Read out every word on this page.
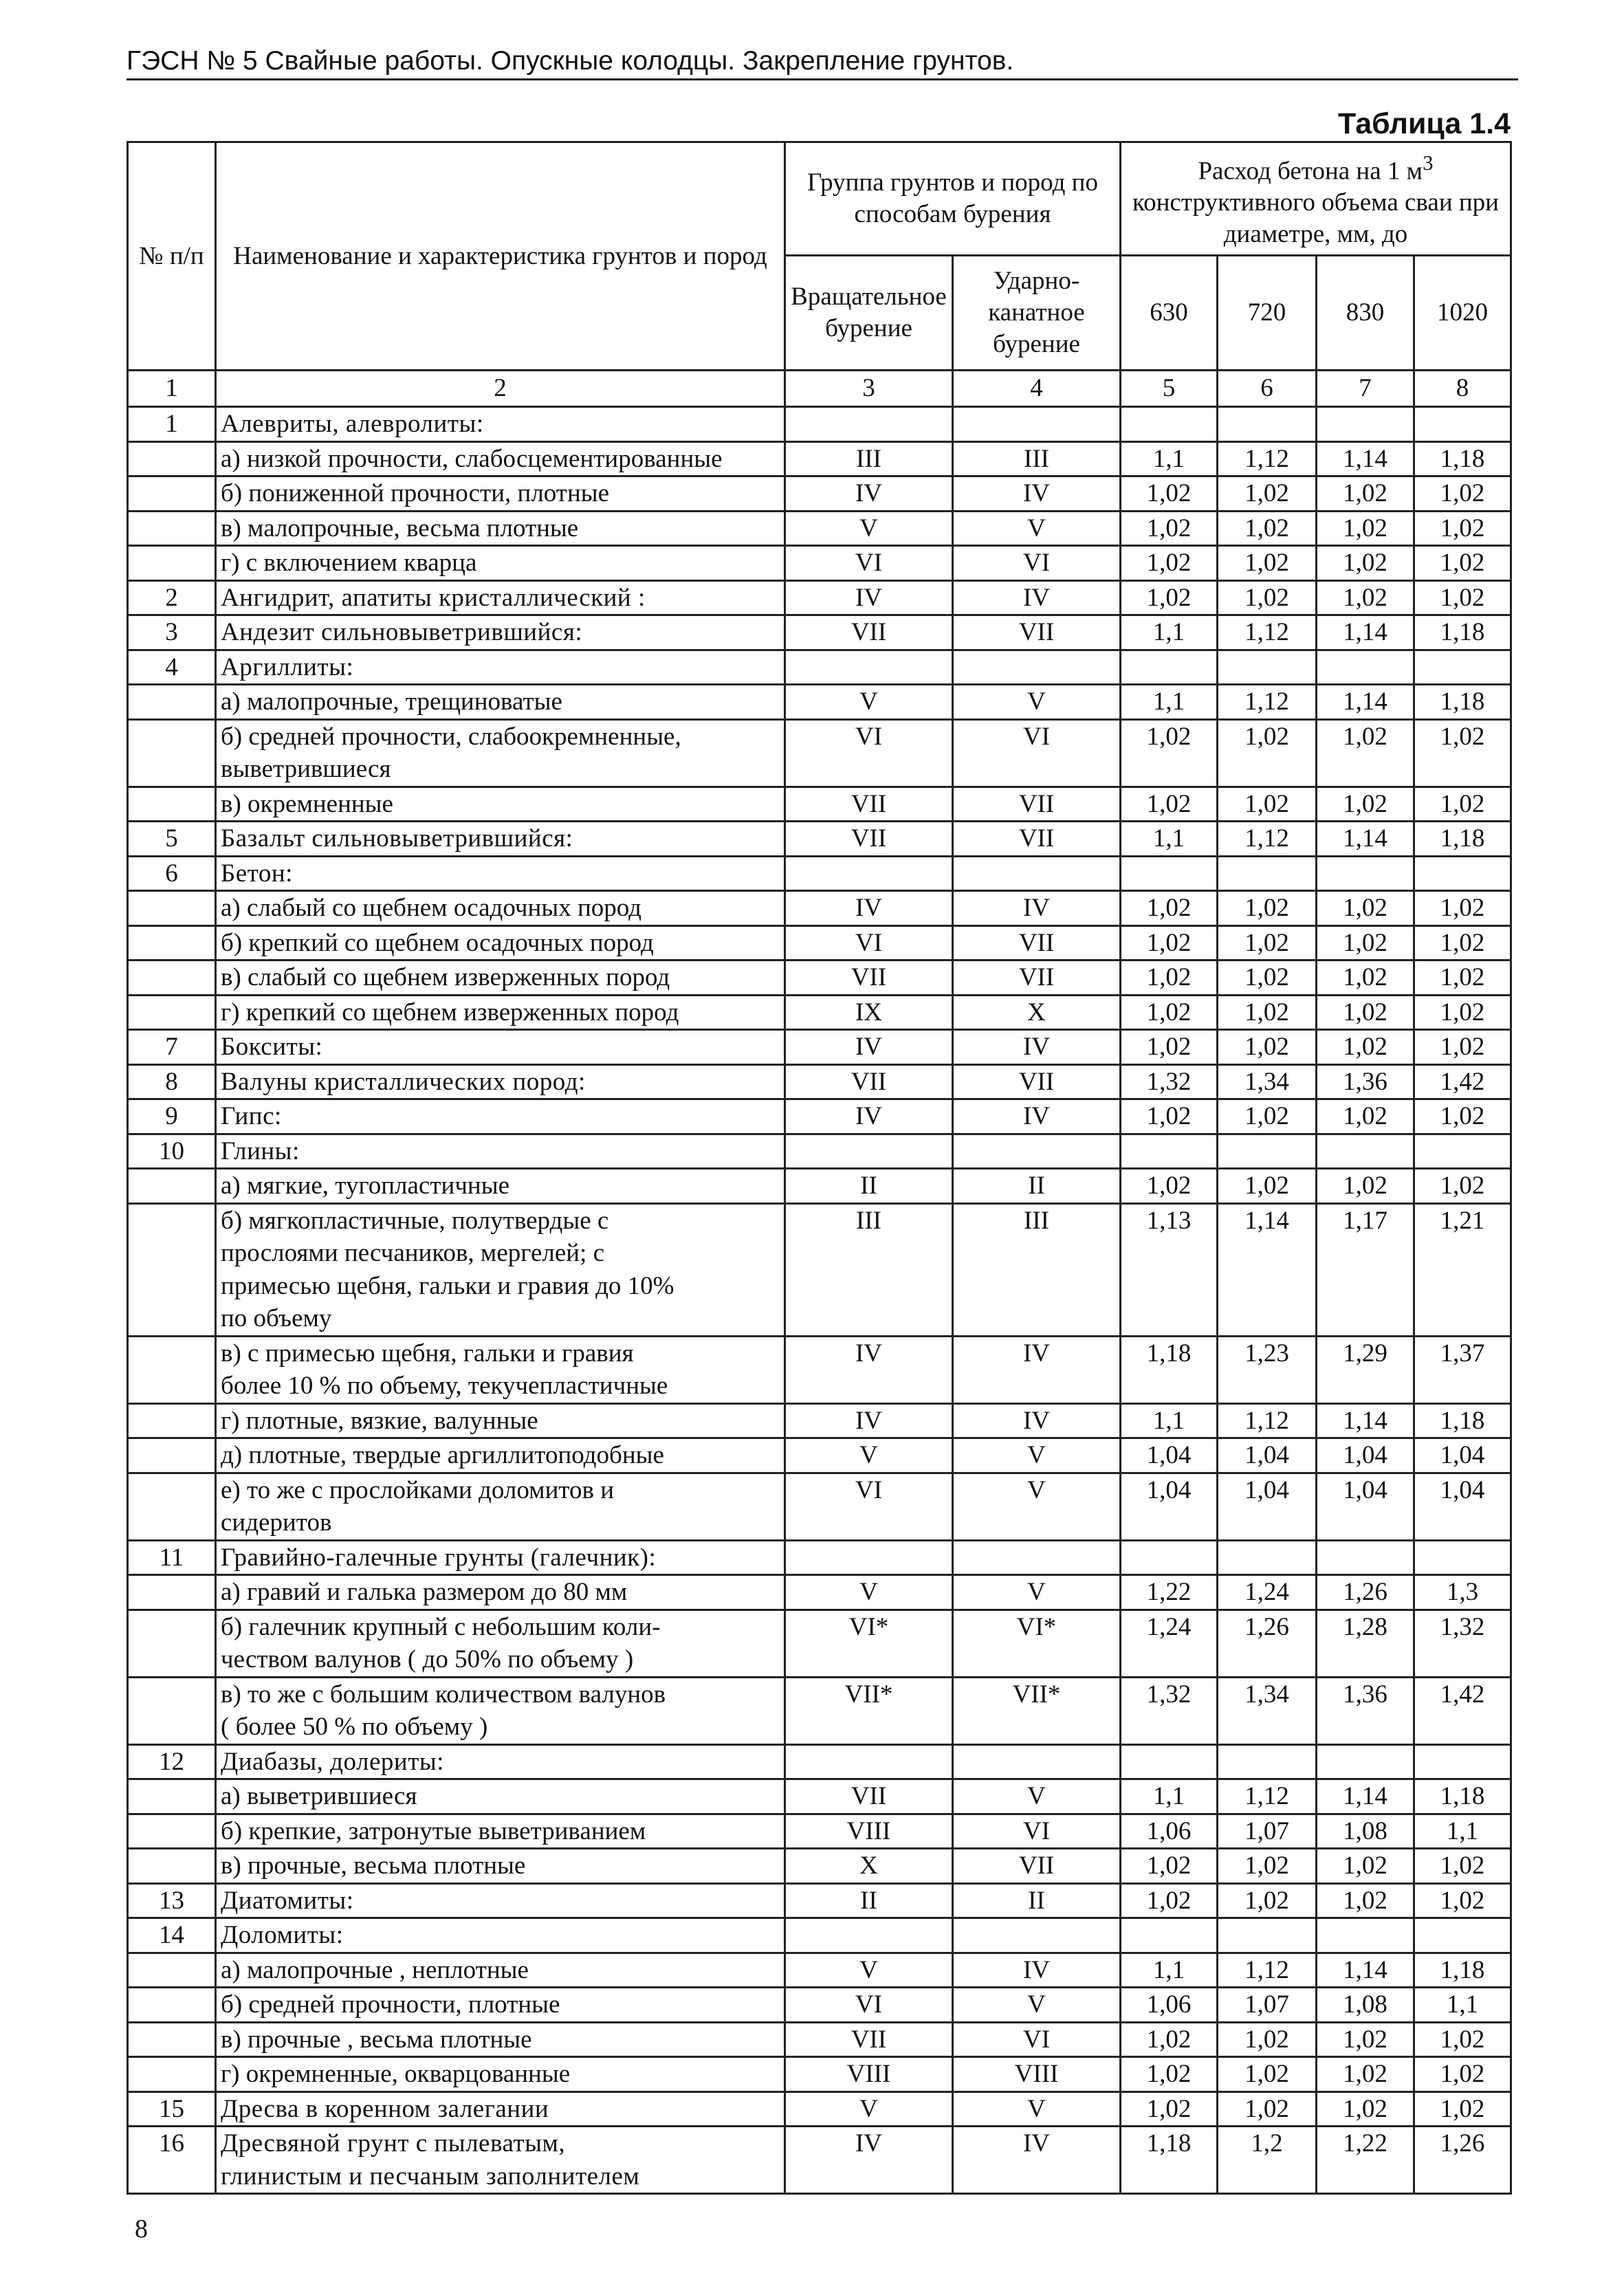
ГЭСН № 5 Свайные работы. Опускные колодцы. Закрепление грунтов.
Таблица 1.4
№ п/п	Наименование и характеристика грунтов и пород	Группа грунтов и пород по способам бурения		Расход бетона на 1 $м^3$ конструктивного объема сваи при диаметре, мм, до			
		Вращательное бурение	Ударно-канатное бурение	630	720	830	1020
1	2	3	4	5	6	7	8
1	Алевриты, алевролиты:						

	а) низкой прочности, слабосцементированные	III	III	1,1	1,12	1,14	1,18

	б) пониженной прочности, плотные	IV	IV	1,02	1,02	1,02	1,02

	в) малопрочные, весьма плотные	V	V	1,02	1,02	1,02	1,02

	г) с включением кварца	VI	VI	1,02	1,02	1,02	1,02
2	Ангидрит, апатиты кристаллический :	IV	IV	1,02	1,02	1,02	1,02
3	Андезит сильновыветрившийся:	VII	VII	1,1	1,12	1,14	1,18
4	Аргиллиты:						

	а) малопрочные, трещиноватые	V	V	1,1	1,12	1,14	1,18

	б) средней прочности, слабоокремненные,
выветрившиеся	VI	VI	1,02	1,02	1,02	1,02

	в) окремненные	VII	VII	1,02	1,02	1,02	1,02
5	Базальт сильновыветрившийся:	VII	VII	1,1	1,12	1,14	1,18
6	Бетон:						

	а) слабый со щебнем осадочных пород	IV	IV	1,02	1,02	1,02	1,02

	б) крепкий со щебнем осадочных пород	VI	VII	1,02	1,02	1,02	1,02

	в) слабый со щебнем изверженных пород	VII	VII	1,02	1,02	1,02	1,02

	г) крепкий со щебнем изверженных пород	IX	X	1,02	1,02	1,02	1,02
7	Бокситы:	IV	IV	1,02	1,02	1,02	1,02
8	Валуны кристаллических пород:	VII	VII	1,32	1,34	1,36	1,42
9	Гипс:	IV	IV	1,02	1,02	1,02	1,02
10	Глины:						

	а) мягкие, тугопластичные	II	II	1,02	1,02	1,02	1,02

	б) мягкопластичные, полутвердые с
прослоями песчаников, мергелей; с
примесью щебня, гальки и гравия до 10%
по объему	III	III	1,13	1,14	1,17	1,21

	в) с примесью щебня, гальки и гравия
более 10 % по объему, текучепластичные	IV	IV	1,18	1,23	1,29	1,37

	г) плотные, вязкие, валунные	IV	IV	1,1	1,12	1,14	1,18

	д) плотные, твердые аргиллитоподобные	V	V	1,04	1,04	1,04	1,04

	е) то же с прослойками доломитов и
сидеритов	VI	V	1,04	1,04	1,04	1,04
11	Гравийно-галечные грунты (галечник):						

	а) гравий и галька размером до 80 мм	V	V	1,22	1,24	1,26	1,3

	б) галечник крупный с небольшим коли-
чеством валунов ( до 50% по объему )	VI*	VI*	1,24	1,26	1,28	1,32

	в) то же с большим количеством валунов
( более 50 % по объему )	VII*	VII*	1,32	1,34	1,36	1,42
12	Диабазы, долериты:						

	а) выветрившиеся	VII	V	1,1	1,12	1,14	1,18

	б) крепкие, затронутые выветриванием	VIII	VI	1,06	1,07	1,08	1,1

	в) прочные, весьма плотные	X	VII	1,02	1,02	1,02	1,02
13	Диатомиты:	II	II	1,02	1,02	1,02	1,02
14	Доломиты:						

	а) малопрочные , неплотные	V	IV	1,1	1,12	1,14	1,18

	б) средней прочности, плотные	VI	V	1,06	1,07	1,08	1,1

	в) прочные , весьма плотные	VII	VI	1,02	1,02	1,02	1,02

	г) окремненные, окварцованные	VIII	VIII	1,02	1,02	1,02	1,02
15	Дресва в коренном залегании	V	V	1,02	1,02	1,02	1,02
16	Дресвяной грунт с пылеватым,
глинистым и песчаным заполнителем	IV	IV	1,18	1,2	1,22	1,26
8
